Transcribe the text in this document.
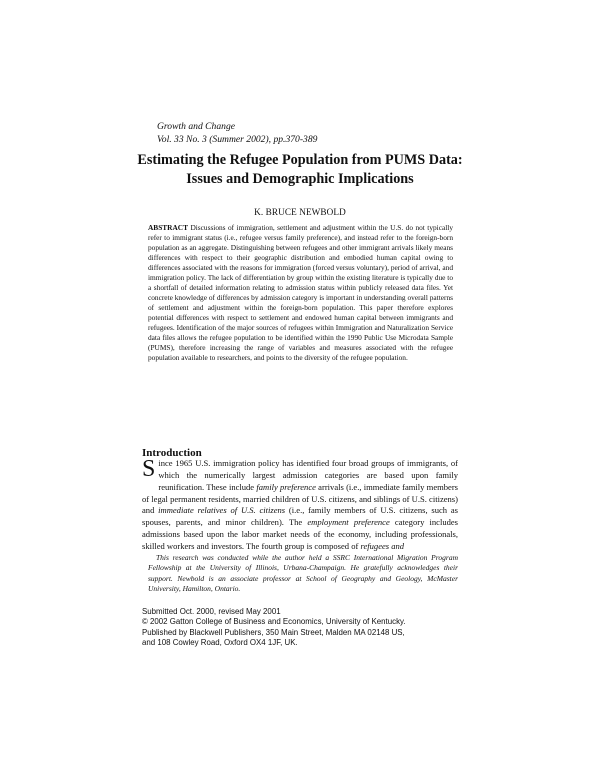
Growth and Change
Vol. 33 No. 3 (Summer 2002), pp.370-389
Estimating the Refugee Population from PUMS Data:
Issues and Demographic Implications
K. BRUCE NEWBOLD
ABSTRACT Discussions of immigration, settlement and adjustment within the U.S. do not typically refer to immigrant status (i.e., refugee versus family preference), and instead refer to the foreign-born population as an aggregate. Distinguishing between refugees and other immigrant arrivals likely means differences with respect to their geographic distribution and embodied human capital owing to differences associated with the reasons for immigration (forced versus voluntary), period of arrival, and immigration policy. The lack of differentiation by group within the existing literature is typically due to a shortfall of detailed information relating to admission status within publicly released data files. Yet concrete knowledge of differences by admission category is important in understanding overall patterns of settlement and adjustment within the foreign-born population. This paper therefore explores potential differences with respect to settlement and endowed human capital between immigrants and refugees. Identification of the major sources of refugees within Immigration and Naturalization Service data files allows the refugee population to be identified within the 1990 Public Use Microdata Sample (PUMS), therefore increasing the range of variables and measures associated with the refugee population available to researchers, and points to the diversity of the refugee population.
Introduction
Since 1965 U.S. immigration policy has identified four broad groups of immigrants, of which the numerically largest admission categories are based upon family reunification. These include family preference arrivals (i.e., immediate family members of legal permanent residents, married children of U.S. citizens, and siblings of U.S. citizens) and immediate relatives of U.S. citizens (i.e., family members of U.S. citizens, such as spouses, parents, and minor children). The employment preference category includes admissions based upon the labor market needs of the economy, including professionals, skilled workers and investors. The fourth group is composed of refugees and
This research was conducted while the author held a SSRC International Migration Program Fellowship at the University of Illinois, Urbana-Champaign. He gratefully acknowledges their support. Newbold is an associate professor at School of Geography and Geology, McMaster University, Hamilton, Ontario.
Submitted Oct. 2000, revised May 2001
© 2002 Gatton College of Business and Economics, University of Kentucky.
Published by Blackwell Publishers, 350 Main Street, Malden MA 02148 US,
and 108 Cowley Road, Oxford OX4 1JF, UK.
